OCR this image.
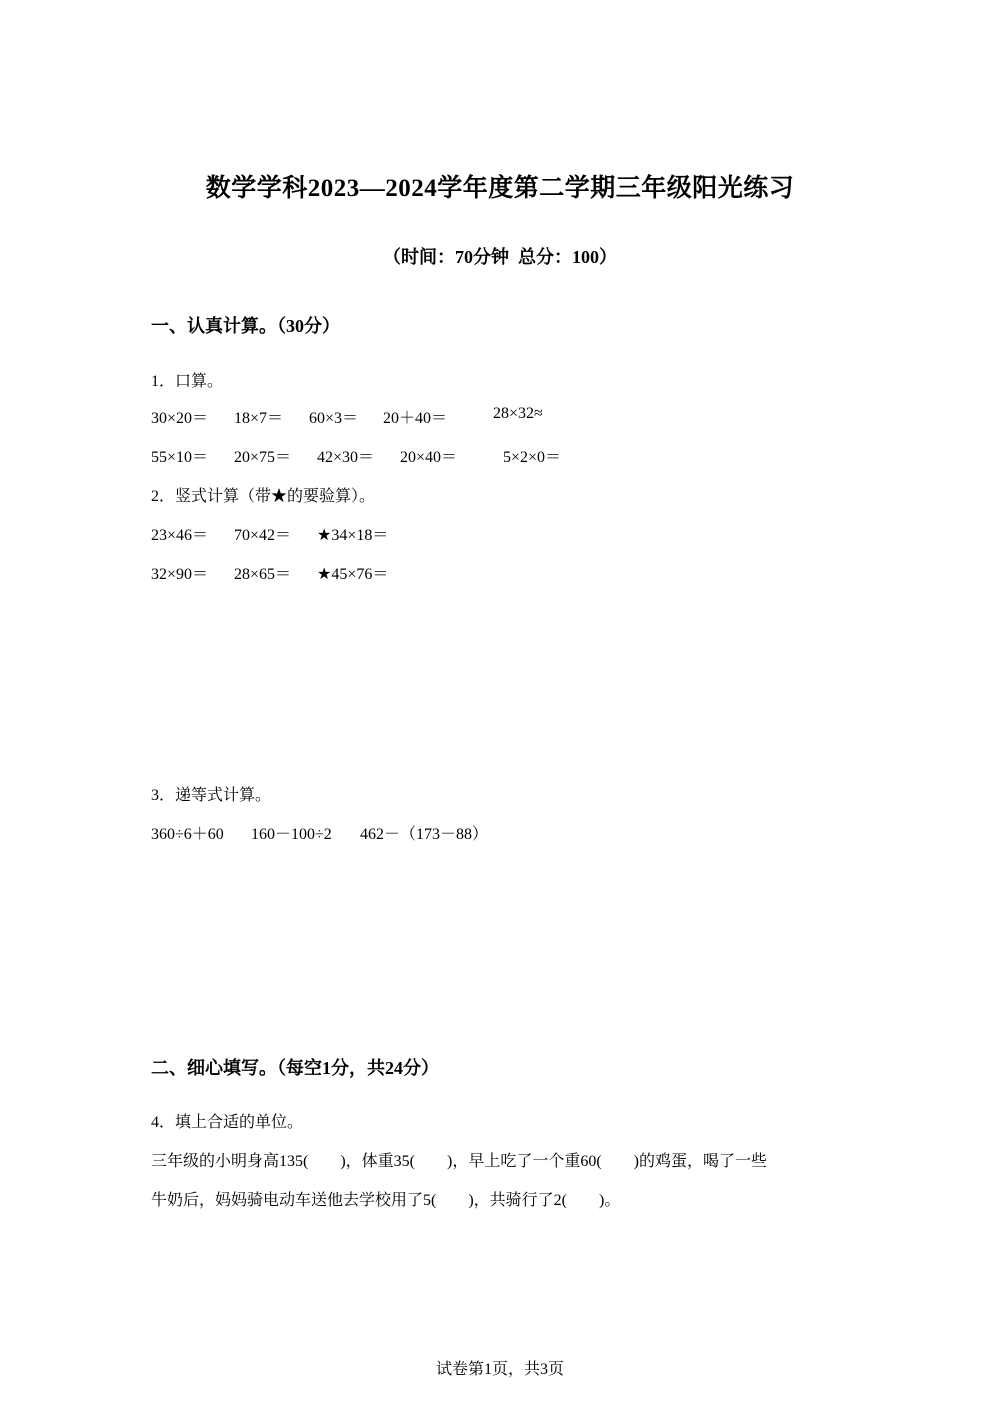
数学学科2023—2024学年度第二学期三年级阳光练习
（时间：70分钟  总分：100）
一、认真计算。（30分）
1．口算。

30×20＝

18×7＝

60×3＝

20＋40＝

	28×32≈

55×10＝

20×75＝

42×30＝

20×40＝

	5×2×0＝

2．竖式计算（带★的要验算）。

23×46＝

70×42＝

★34×18＝

32×90＝

28×65＝

★45×76＝

3．递等式计算。

360÷6＋60

160－100÷2

462－（173－88）

二、细心填写。（每空1分，共24分）
4．填上合适的单位。
三年级的小明身高135(        )，体重35(        )，早上吃了一个重60(        )的鸡蛋，喝了一些
牛奶后，妈妈骑电动车送他去学校用了5(        )，共骑行了2(        )。
试卷第1页，共3页
